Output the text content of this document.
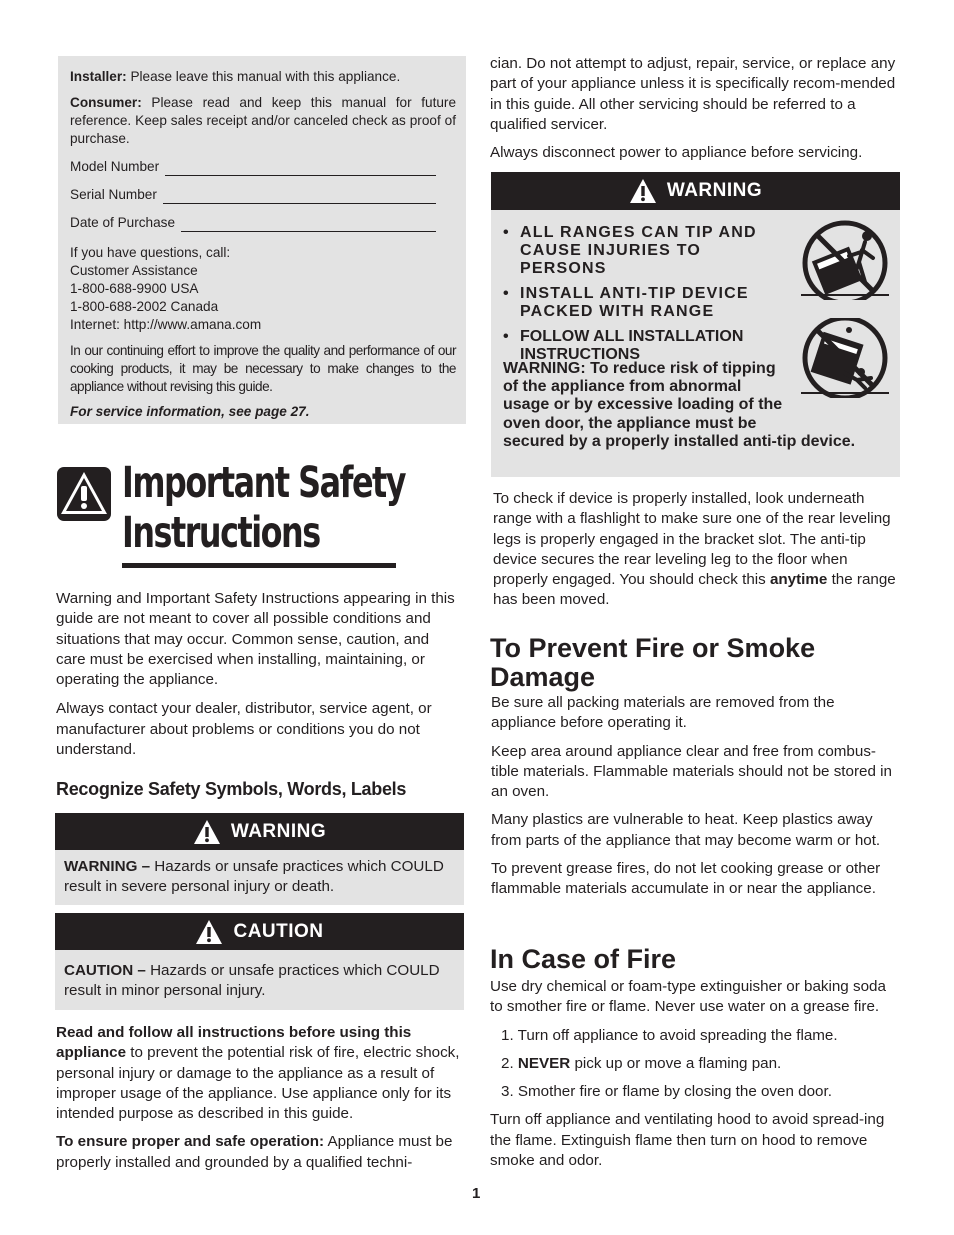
Installer: Please leave this manual with this appliance.

Consumer: Please read and keep this manual for future reference. Keep sales receipt and/or canceled check as proof of purchase.

Model Number
Serial Number
Date of Purchase
If you have questions, call:
Customer Assistance
1-800-688-9900 USA
1-800-688-2002 Canada
Internet: http://www.amana.com

In our continuing effort to improve the quality and performance of our cooking products, it may be necessary to make changes to the appliance without revising this guide.

For service information, see page 27.

Important Safety
Instructions

Warning and Important Safety Instructions appearing in this guide are not meant to cover all possible conditions and situations that may occur. Common sense, caution, and care must be exercised when installing, maintaining, or operating the appliance.

Always contact your dealer, distributor, service agent, or manufacturer about problems or conditions you do not understand.

Recognize Safety Symbols, Words, Labels
WARNING

WARNING – Hazards or unsafe practices which COULD result in severe personal injury or death.

CAUTION

CAUTION – Hazards or unsafe practices which COULD result in minor personal injury.

Read and follow all instructions before using this appliance to prevent the potential risk of fire, electric shock, personal injury or damage to the appliance as a result of improper usage of the appliance. Use appliance only for its intended purpose as described in this guide.

To ensure proper and safe operation: Appliance must be properly installed and grounded by a qualified techni-

cian. Do not attempt to adjust, repair, service, or replace any part of your appliance unless it is specifically recom-mended in this guide. All other servicing should be referred to a qualified servicer.

Always disconnect power to appliance before servicing.

WARNING
• ALL RANGES CAN TIP AND CAUSE INJURIES TO PERSONS
• INSTALL ANTI-TIP DEVICE PACKED WITH RANGE
• FOLLOW ALL INSTALLATION INSTRUCTIONS
WARNING: To reduce risk of tipping of the appliance from abnormal usage or by excessive loading of the oven door, the appliance must be secured by a properly installed anti-tip device.

To check if device is properly installed, look underneath range with a flashlight to make sure one of the rear leveling legs is properly engaged in the bracket slot. The anti-tip device secures the rear leveling leg to the floor when properly engaged. You should check this anytime the range has been moved.

To Prevent Fire or Smoke Damage

Be sure all packing materials are removed from the appliance before operating it.

Keep area around appliance clear and free from combus-tible materials. Flammable materials should not be stored in an oven.

Many plastics are vulnerable to heat. Keep plastics away from parts of the appliance that may become warm or hot.

To prevent grease fires, do not let cooking grease or other flammable materials accumulate in or near the appliance.

In Case of Fire

Use dry chemical or foam-type extinguisher or baking soda to smother fire or flame. Never use water on a grease fire.

1. Turn off appliance to avoid spreading the flame.
2. NEVER pick up or move a flaming pan.
3. Smother fire or flame by closing the oven door.

Turn off appliance and ventilating hood to avoid spread-ing the flame. Extinguish flame then turn on hood to remove smoke and odor.

1
